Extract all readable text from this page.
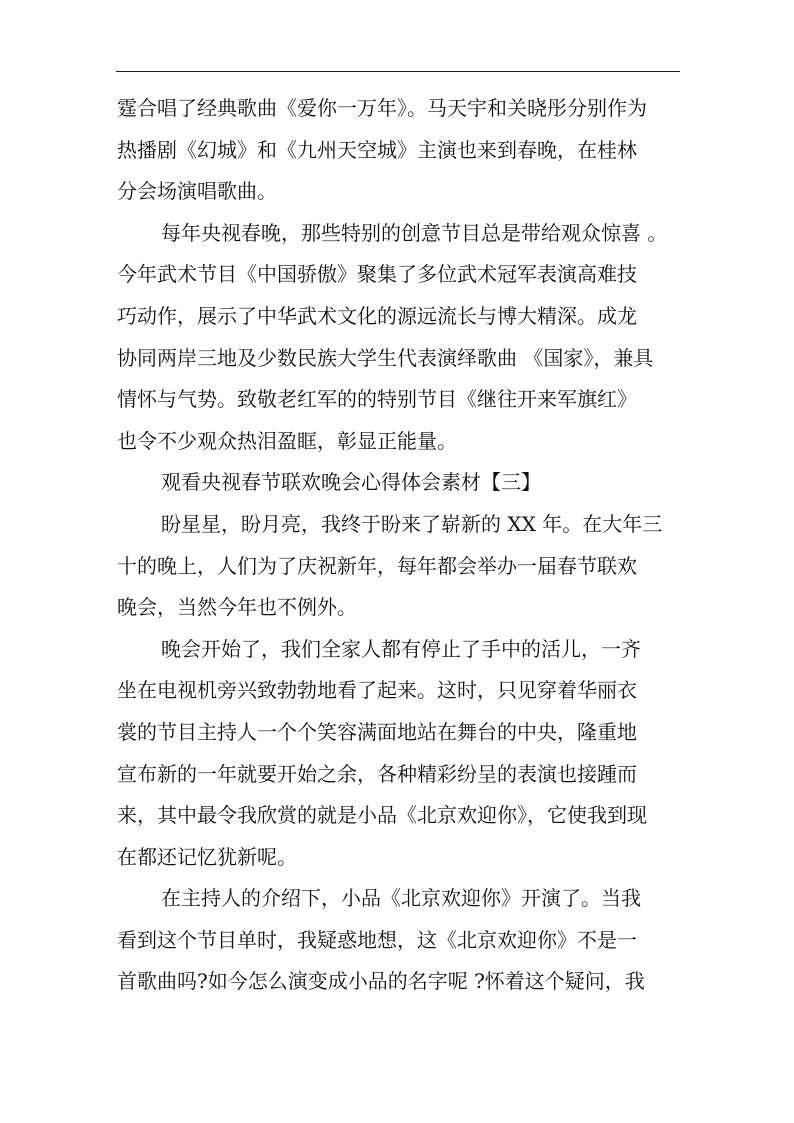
霆合唱了经典歌曲《爱你一万年》。马天宇和关晓彤分别作为
热播剧《幻城》和《九州天空城》主演也来到春晚，在桂林
分会场演唱歌曲。
每年央视春晚，那些特别的创意节目总是带给观众惊喜 。
今年武术节目《中国骄傲》聚集了多位武术冠军表演高难技
巧动作，展示了中华武术文化的源远流长与博大精深。成龙
协同两岸三地及少数民族大学生代表演绎歌曲 《国家》，兼具
情怀与气势。致敬老红军的的特别节目《继往开来军旗红》
也令不少观众热泪盈眶，彰显正能量。
观看央视春节联欢晚会心得体会素材【三】
盼星星，盼月亮，我终于盼来了崭新的 XX 年。在大年三
十的晚上，人们为了庆祝新年，每年都会举办一届春节联欢
晚会，当然今年也不例外。
晚会开始了，我们全家人都有停止了手中的活儿，一齐
坐在电视机旁兴致勃勃地看了起来。这时，只见穿着华丽衣
裳的节目主持人一个个笑容满面地站在舞台的中央，隆重地
宣布新的一年就要开始之余，各种精彩纷呈的表演也接踵而
来，其中最令我欣赏的就是小品《北京欢迎你》，它使我到现
在都还记忆犹新呢。
在主持人的介绍下，小品《北京欢迎你》开演了。当我
看到这个节目单时，我疑惑地想，这《北京欢迎你》不是一
首歌曲吗?如今怎么演变成小品的名字呢 ?怀着这个疑问，我
